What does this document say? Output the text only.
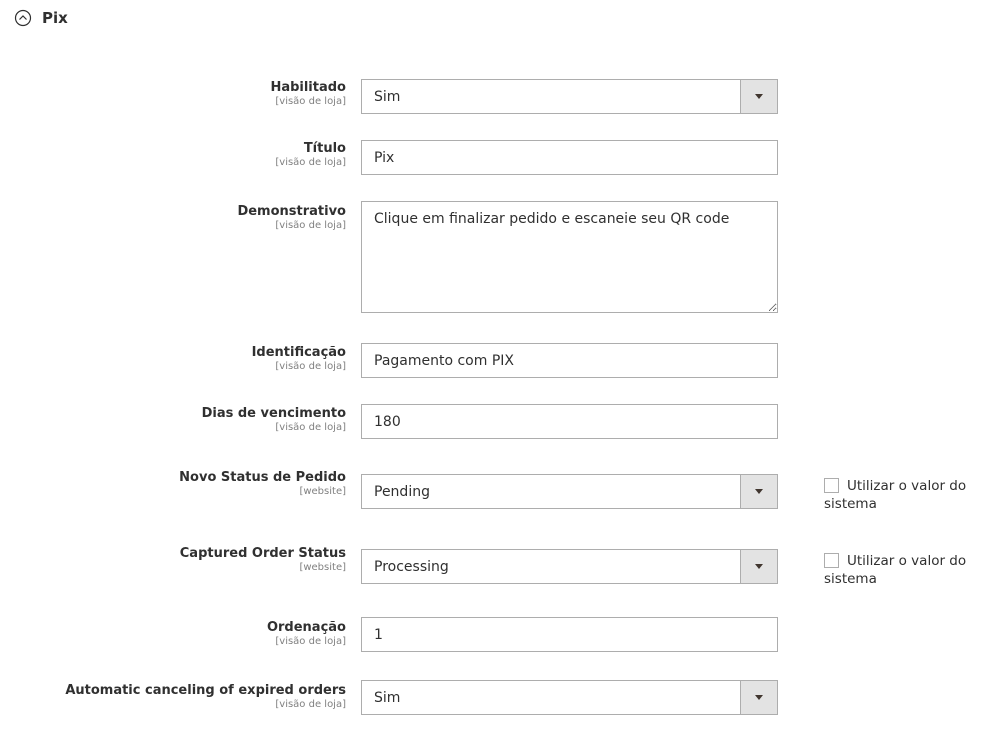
Pix
Habilitado
[visão de loja]	Sim
Título
[visão de loja]
Pix
Demonstrativo
[visão de loja]
Clique em finalizar pedido e escaneie seu QR code
Identificação
[visão de loja]
Pagamento com PIX
Dias de vencimento
[visão de loja]
180
Novo Status de Pedido
[website]	Pending	Utilizar o valor do sistema
Captured Order Status
[website]	Processing	Utilizar o valor do sistema
Ordenação
[visão de loja]
1
Automatic canceling of expired orders
[visão de loja]	Sim
